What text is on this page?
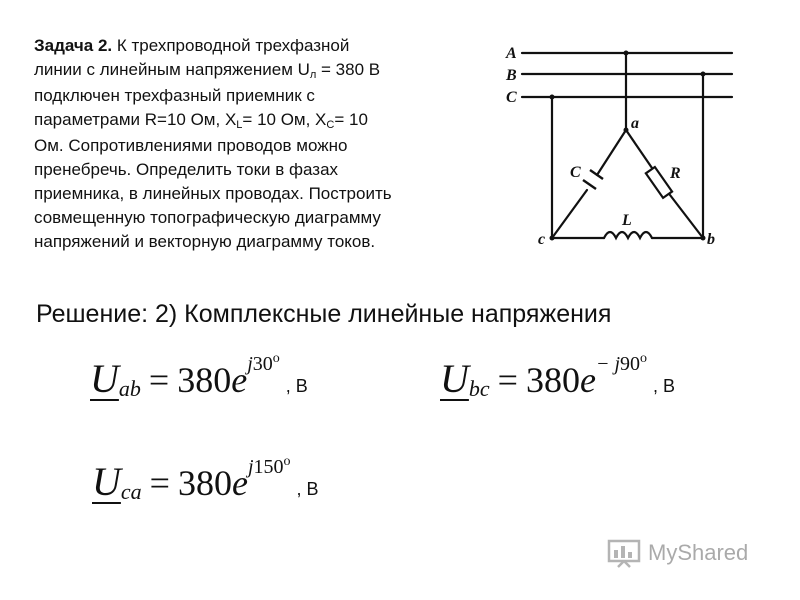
Задача 2. К трехпроводной трехфазной
линии с линейным напряжением Uл = 380 В
подключен трехфазный приемник с
параметрами R=10 Ом, XL= 10 Ом, XC= 10
Ом. Сопротивлениями проводов можно
пренебречь. Определить токи в фазах
приемника, в линейных проводах. Построить
совмещенную топографическую диаграмму
напряжений и векторную диаграмму токов.
A
B
C
a
b
c
C	R
L
Решение: 2) Комплексные линейные напряжения
Uab = 380ej30o, В	Ubc = 380e− j90o, В
Uca = 380ej150o, В
MyShared
